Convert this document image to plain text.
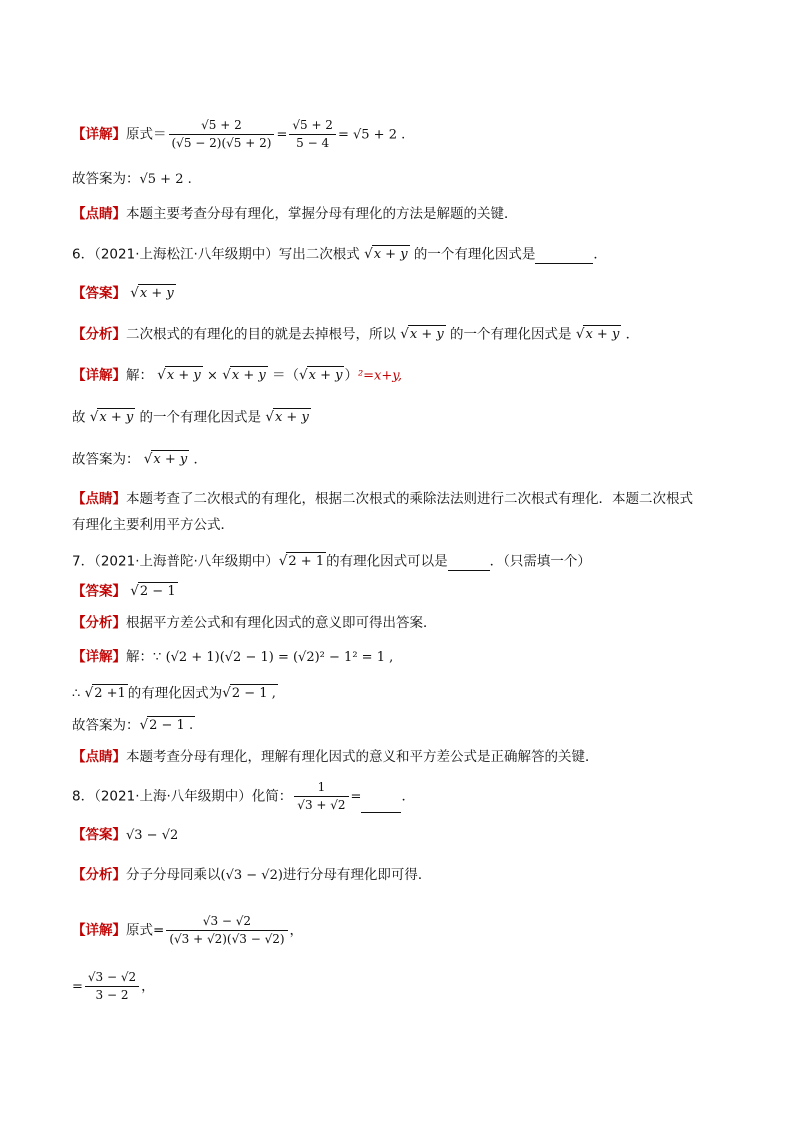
【详解】原式＝ $\frac{√5 + 2}{(√5 - 2)(√5 + 2)} = \frac{√5 + 2}{5 - 4} = √5 + 2$ .
故答案为：√5 + 2 .
【点睛】本题主要考查分母有理化，掌握分母有理化的方法是解题的关键．
6．（2021·上海松江·八年级期中）写出二次根式 √x + y 的一个有理化因式是	．
【答案】 √x + y
【分析】二次根式的有理化的目的就是去掉根号，所以 √x + y 的一个有理化因式是 √x + y ．
【详解】解： √x + y × √x + y ＝（√x + y ）²=x+y,
故 √x + y 的一个有理化因式是 √x + y
故答案为： √x + y ．
【点睛】本题考查了二次根式的有理化，根据二次根式的乘除法法则进行二次根式有理化．本题二次根式
有理化主要利用平方公式．
7．（2021·上海普陀·八年级期中）√2 + 1 的有理化因式可以是	．（只需填一个）
【答案】 √2 − 1
【分析】根据平方差公式和有理化因式的意义即可得出答案．
【详解】解：∵ (√2 + 1)(√2 − 1) = (√2)² − 1² = 1 ,
∴ √2 +1 的有理化因式为√2 − 1 ,
故答案为：√2 − 1 .
【点睛】本题考查分母有理化，理解有理化因式的意义和平方差公式是正确解答的关键．
8．（2021·上海·八年级期中）化简： $\frac{1}{√3 + √2}$ =	．
【答案】√3 − √2
【分析】分子分母同乘以(√3 − √2)进行分母有理化即可得．
【详解】原式= $\frac{√3 - √2}{(√3 + √2)(√3 - √2)}$ ，
= $\frac{√3 - √2}{3 - 2}$ ，
